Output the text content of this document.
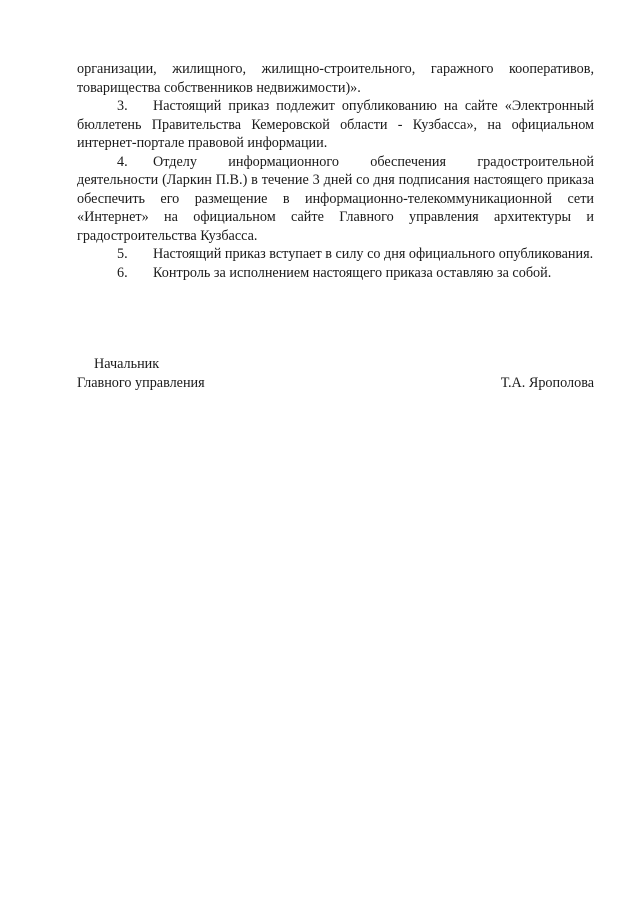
организации, жилищного, жилищно-строительного, гаражного кооперативов, товарищества собственников недвижимости)».

3. Настоящий приказ подлежит опубликованию на сайте «Электронный бюллетень Правительства Кемеровской области - Кузбасса», на официальном интернет-портале правовой информации.

4. Отделу информационного обеспечения градостроительной деятельности (Ларкин П.В.) в течение 3 дней со дня подписания настоящего приказа обеспечить его размещение в информационно-телекоммуникационной сети «Интернет» на официальном сайте Главного управления архитектуры и градостроительства Кузбасса.

5. Настоящий приказ вступает в силу со дня официального опубликования.

6. Контроль за исполнением настоящего приказа оставляю за собой.

Начальник
Главного управления	Т.А. Ярополова
